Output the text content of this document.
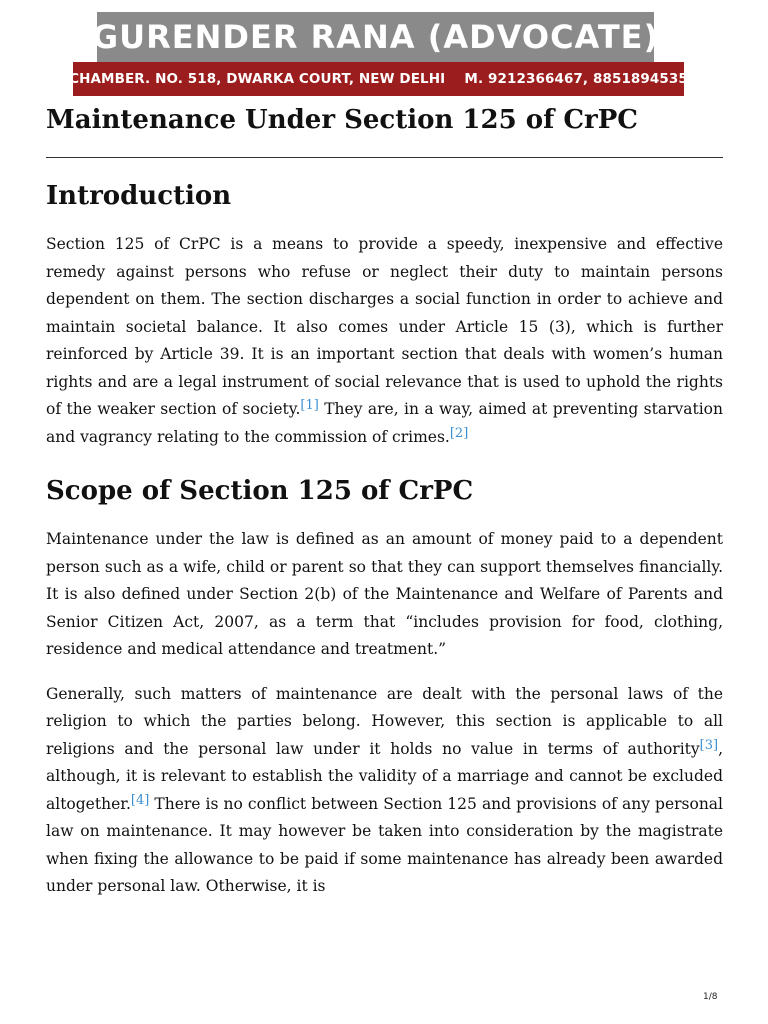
GURENDER RANA (ADVOCATE)
CHAMBER. NO. 518, DWARKA COURT, NEW DELHI    M. 9212366467, 8851894535
Maintenance Under Section 125 of CrPC
Introduction

Section 125 of CrPC is a means to provide a speedy, inexpensive and effective remedy against persons who refuse or neglect their duty to maintain persons dependent on them. The section discharges a social function in order to achieve and maintain societal balance. It also comes under Article 15 (3), which is further reinforced by Article 39. It is an important section that deals with women’s human rights and are a legal instrument of social relevance that is used to uphold the rights of the weaker section of society.[1] They are, in a way, aimed at preventing starvation and vagrancy relating to the commission of crimes.[2]

Scope of Section 125 of CrPC

Maintenance under the law is defined as an amount of money paid to a dependent person such as a wife, child or parent so that they can support themselves financially. It is also defined under Section 2(b) of the Maintenance and Welfare of Parents and Senior Citizen Act, 2007, as a term that “includes provision for food, clothing, residence and medical attendance and treatment.”

Generally, such matters of maintenance are dealt with the personal laws of the religion to which the parties belong. However, this section is applicable to all religions and the personal law under it holds no value in terms of authority[3], although, it is relevant to establish the validity of a marriage and cannot be excluded altogether.[4] There is no conflict between Section 125 and provisions of any personal law on maintenance. It may however be taken into consideration by the magistrate when fixing the allowance to be paid if some maintenance has already been awarded under personal law. Otherwise, it is

1/8
